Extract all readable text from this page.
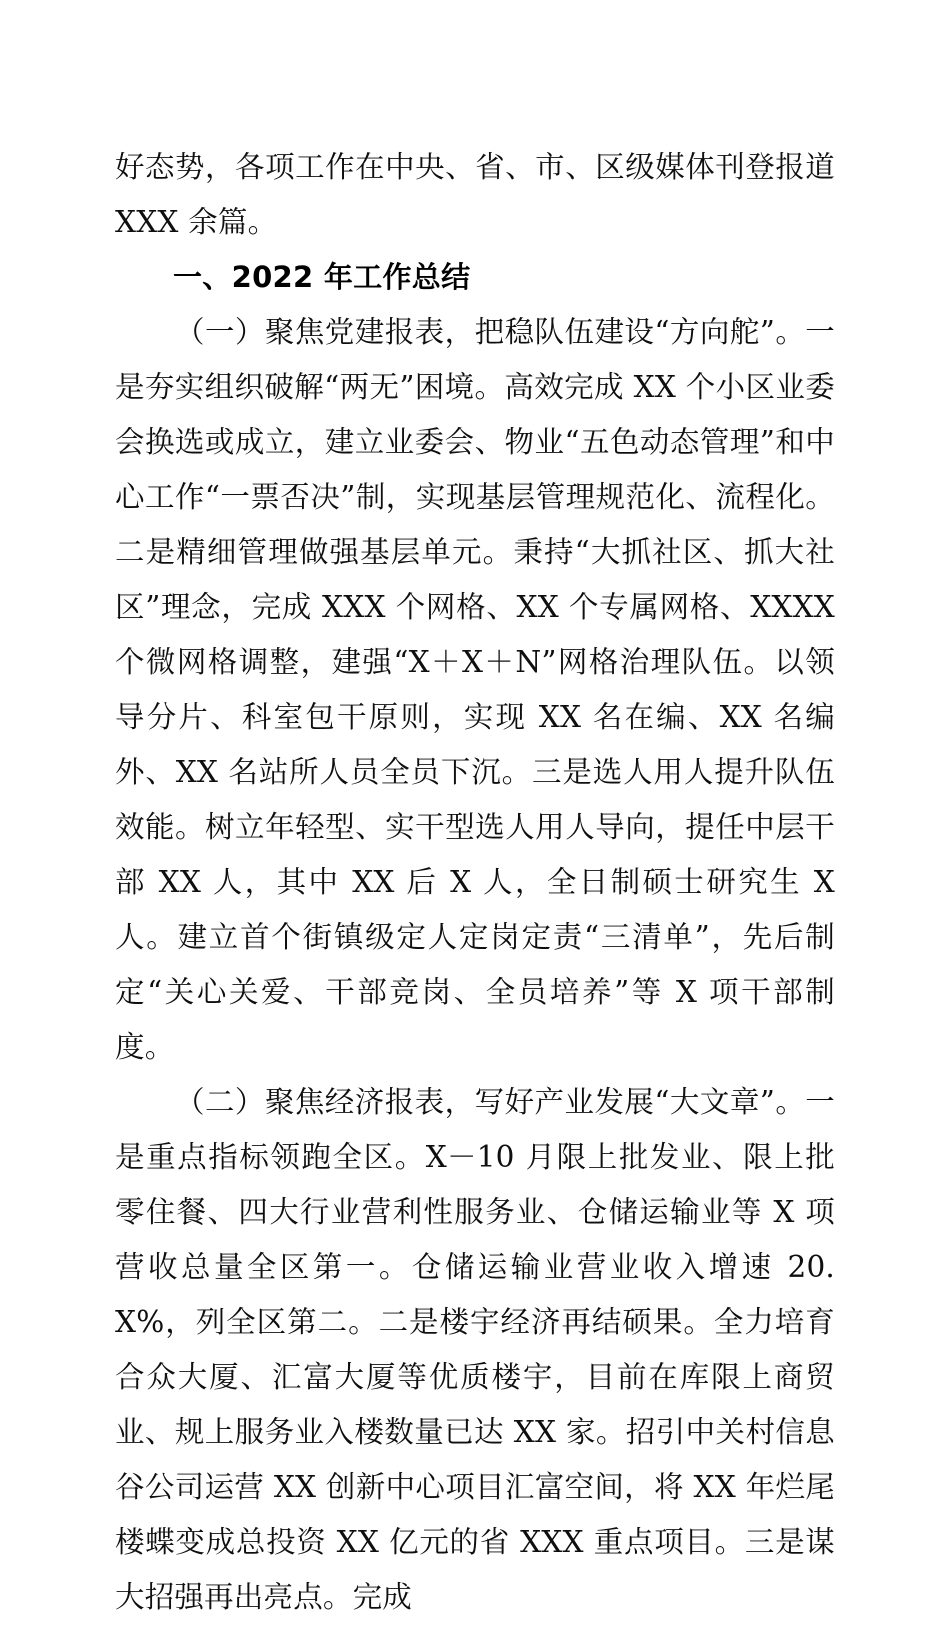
好态势，各项工作在中央、省、市、区级媒体刊登报道 XXX 余篇。

一、2022 年工作总结

（一）聚焦党建报表，把稳队伍建设“方向舵”。一是夯实组织破解“两无”困境。高效完成 XX 个小区业委会换选或成立，建立业委会、物业“五色动态管理”和中心工作“一票否决”制，实现基层管理规范化、流程化。二是精细管理做强基层单元。秉持“大抓社区、抓大社区”理念，完成 XXX 个网格、XX 个专属网格、XXXX 个微网格调整，建强“X＋X＋N”网格治理队伍。以领导分片、科室包干原则，实现 XX 名在编、XX 名编外、XX 名站所人员全员下沉。三是选人用人提升队伍效能。树立年轻型、实干型选人用人导向，提任中层干部 XX 人，其中 XX 后 X 人，全日制硕士研究生 X 人。建立首个街镇级定人定岗定责“三清单”，先后制定“关心关爱、干部竞岗、全员培养”等 X 项干部制度。

（二）聚焦经济报表，写好产业发展“大文章”。一是重点指标领跑全区。X－10 月限上批发业、限上批零住餐、四大行业营利性服务业、仓储运输业等 X 项营收总量全区第一。仓储运输业营业收入增速 20.X%，列全区第二。二是楼宇经济再结硕果。全力培育合众大厦、汇富大厦等优质楼宇，目前在库限上商贸业、规上服务业入楼数量已达 XX 家。招引中关村信息谷公司运营 XX 创新中心项目汇富空间，将 XX 年烂尾楼蝶变成总投资 XX 亿元的省 XXX 重点项目。三是谋大招强再出亮点。完成
